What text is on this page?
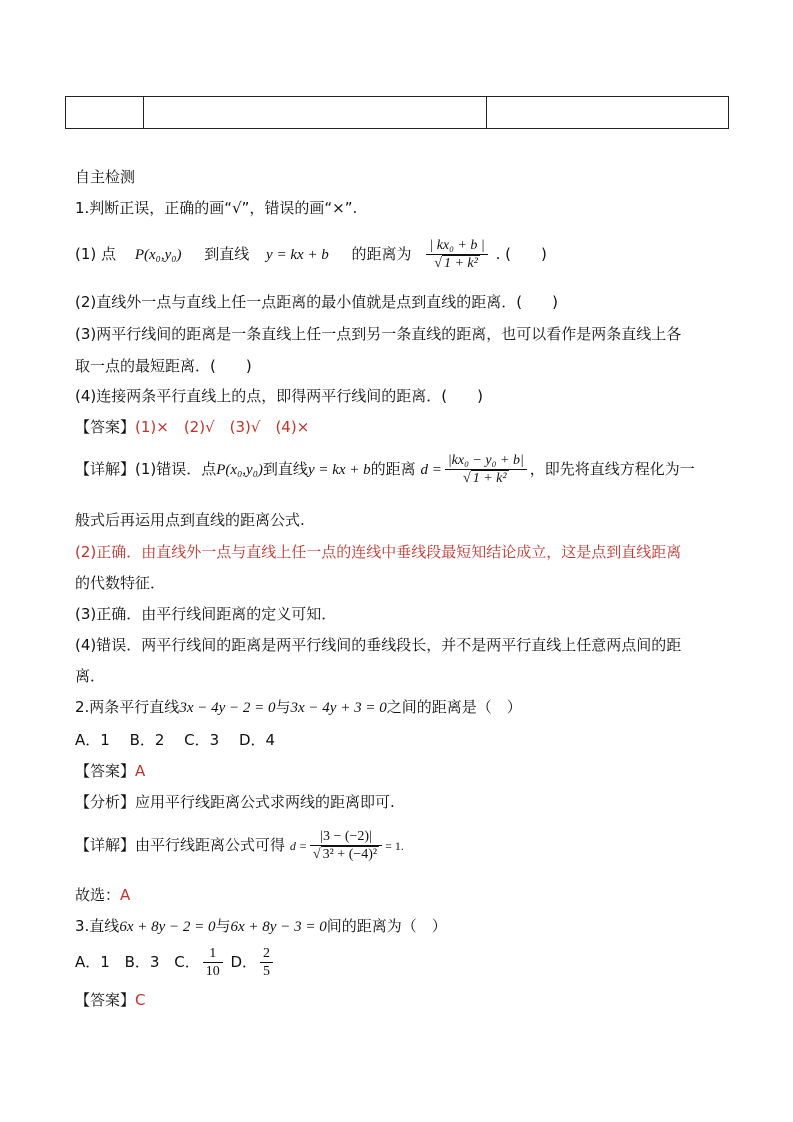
自主检测
1.判断正误，正确的画“√”，错误的画“×”.
(1) 点 P(x₀,y₀) 到直线 y = kx + b 的距离为 $\frac{\text{| kx₀ + b |}}{\text{√ 1 + k²}}$ . (　　)
(2)直线外一点与直线上任一点距离的最小值就是点到直线的距离．(　　)
(3)两平行线间的距离是一条直线上任一点到另一条直线的距离，也可以看作是两条直线上各
取一点的最短距离．(　　)
(4)连接两条平行直线上的点，即得两平行线间的距离．(　　)
【答案】(1)×　(2)√　(3)√　(4)×
【详解】(1)错误．点P(x₀,y₀)到直线y = kx + b的距离 $d = \frac{\text{|kx₀ − y₀ + b|}}{\text{√ 1 + k²}}$ ，即先将直线方程化为一
般式后再运用点到直线的距离公式.
(2)正确．由直线外一点与直线上任一点的连线中垂线段最短知结论成立，这是点到直线距离
的代数特征．
(3)正确．由平行线间距离的定义可知．
(4)错误．两平行线间的距离是两平行线间的垂线段长，并不是两平行直线上任意两点间的距
离．
2.两条平行直线3x − 4y − 2 = 0与3x − 4y + 3 = 0之间的距离是（　）
A．1　 B．2　 C．3　 D．4
【答案】A
【分析】应用平行线距离公式求两线的距离即可.
【详解】由平行线距离公式可得 $d = \frac{|3 - (-2)|}{\text{√ 3² + (−4)²}} = 1$.
故选：A
3.直线6x + 8y − 2 = 0与6x + 8y − 3 = 0间的距离为（　）
A．1 B．3 C． $\frac{1}{10}$ D． $\frac{2}{5}$
【答案】C
